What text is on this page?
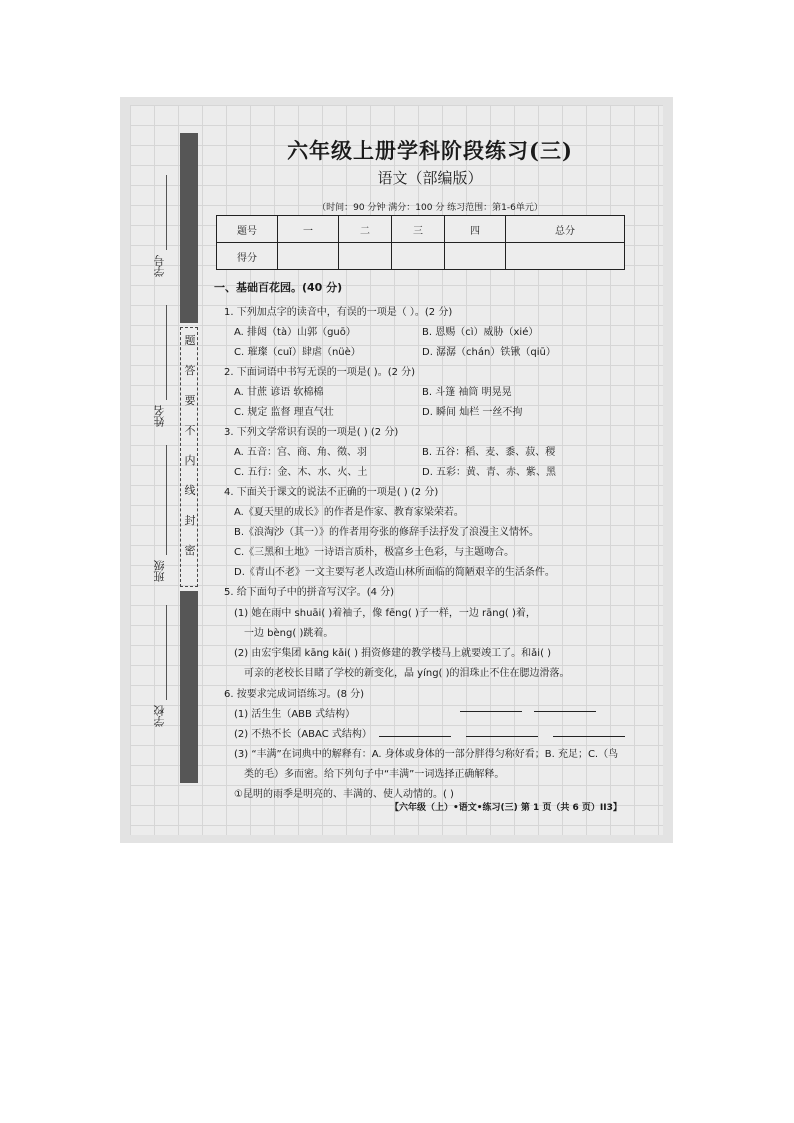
题
答
要
不
内
线
封
密
学号
姓名
班级
学校
六年级上册学科阶段练习(三)
语文（部编版）
（时间：90 分钟 满分：100 分 练习范围：第1-6单元）
题号	一	二	三	四	总分
得分					
一、基础百花园。(40 分)
1. 下列加点字的读音中，有误的一项是（ ）。(2 分)
A. 排闼（tà）山郭（guō）	B. 恩赐（cì）威胁（xié）
C. 璀璨（cuǐ）肆虐（nüè）	D. 潺潺（chán）铁锹（qiū）
2. 下面词语中书写无误的一项是( )。(2 分)
A. 甘蔗 谚语 软棉棉	B. 斗篷 袖筒 明晃晃
C. 规定 监督 理直气壮	D. 瞬间 灿栏 一丝不拘
3. 下列文学常识有误的一项是( ) (2 分)
A. 五音：宫、商、角、徵、羽	B. 五谷：稻、麦、黍、菽、稷
C. 五行：金、木、水、火、土	D. 五彩：黄、青、赤、紫、黑
4. 下面关于课文的说法不正确的一项是( ) (2 分)
A.《夏天里的成长》的作者是作家、教育家梁荣若。
B.《浪淘沙（其一）》的作者用夸张的修辞手法抒发了浪漫主义情怀。
C.《三黑和土地》一诗语言质朴，极富乡土色彩，与主题吻合。
D.《青山不老》一文主要写老人改造山林所面临的简陋艰辛的生活条件。
5. 给下面句子中的拼音写汉字。(4 分)
(1) 她在雨中 shuāi( )着袖子，像 fēng( )子一样，一边 rāng( )着，
一边 bèng( )跳着。
(2) 由宏宇集团 kāng kǎi( ) 捐资修建的教学楼马上就要竣工了。和ǎi( )
可亲的老校长目睹了学校的新变化，晶 yíng( )的泪珠止不住在腮边滑落。
6. 按要求完成词语练习。(8 分)
(1) 活生生（ABB 式结构）
(2) 不热不长（ABAC 式结构）
(3) “丰满”在词典中的解释有：A. 身体或身体的一部分胖得匀称好看；B. 充足；C.（鸟
类的毛）多而密。给下列句子中“丰满”一词选择正确解释。
①昆明的雨季是明亮的、丰满的、使人动情的。( )
【六年级（上）•语文•练习(三) 第 1 页（共 6 页）II3】
